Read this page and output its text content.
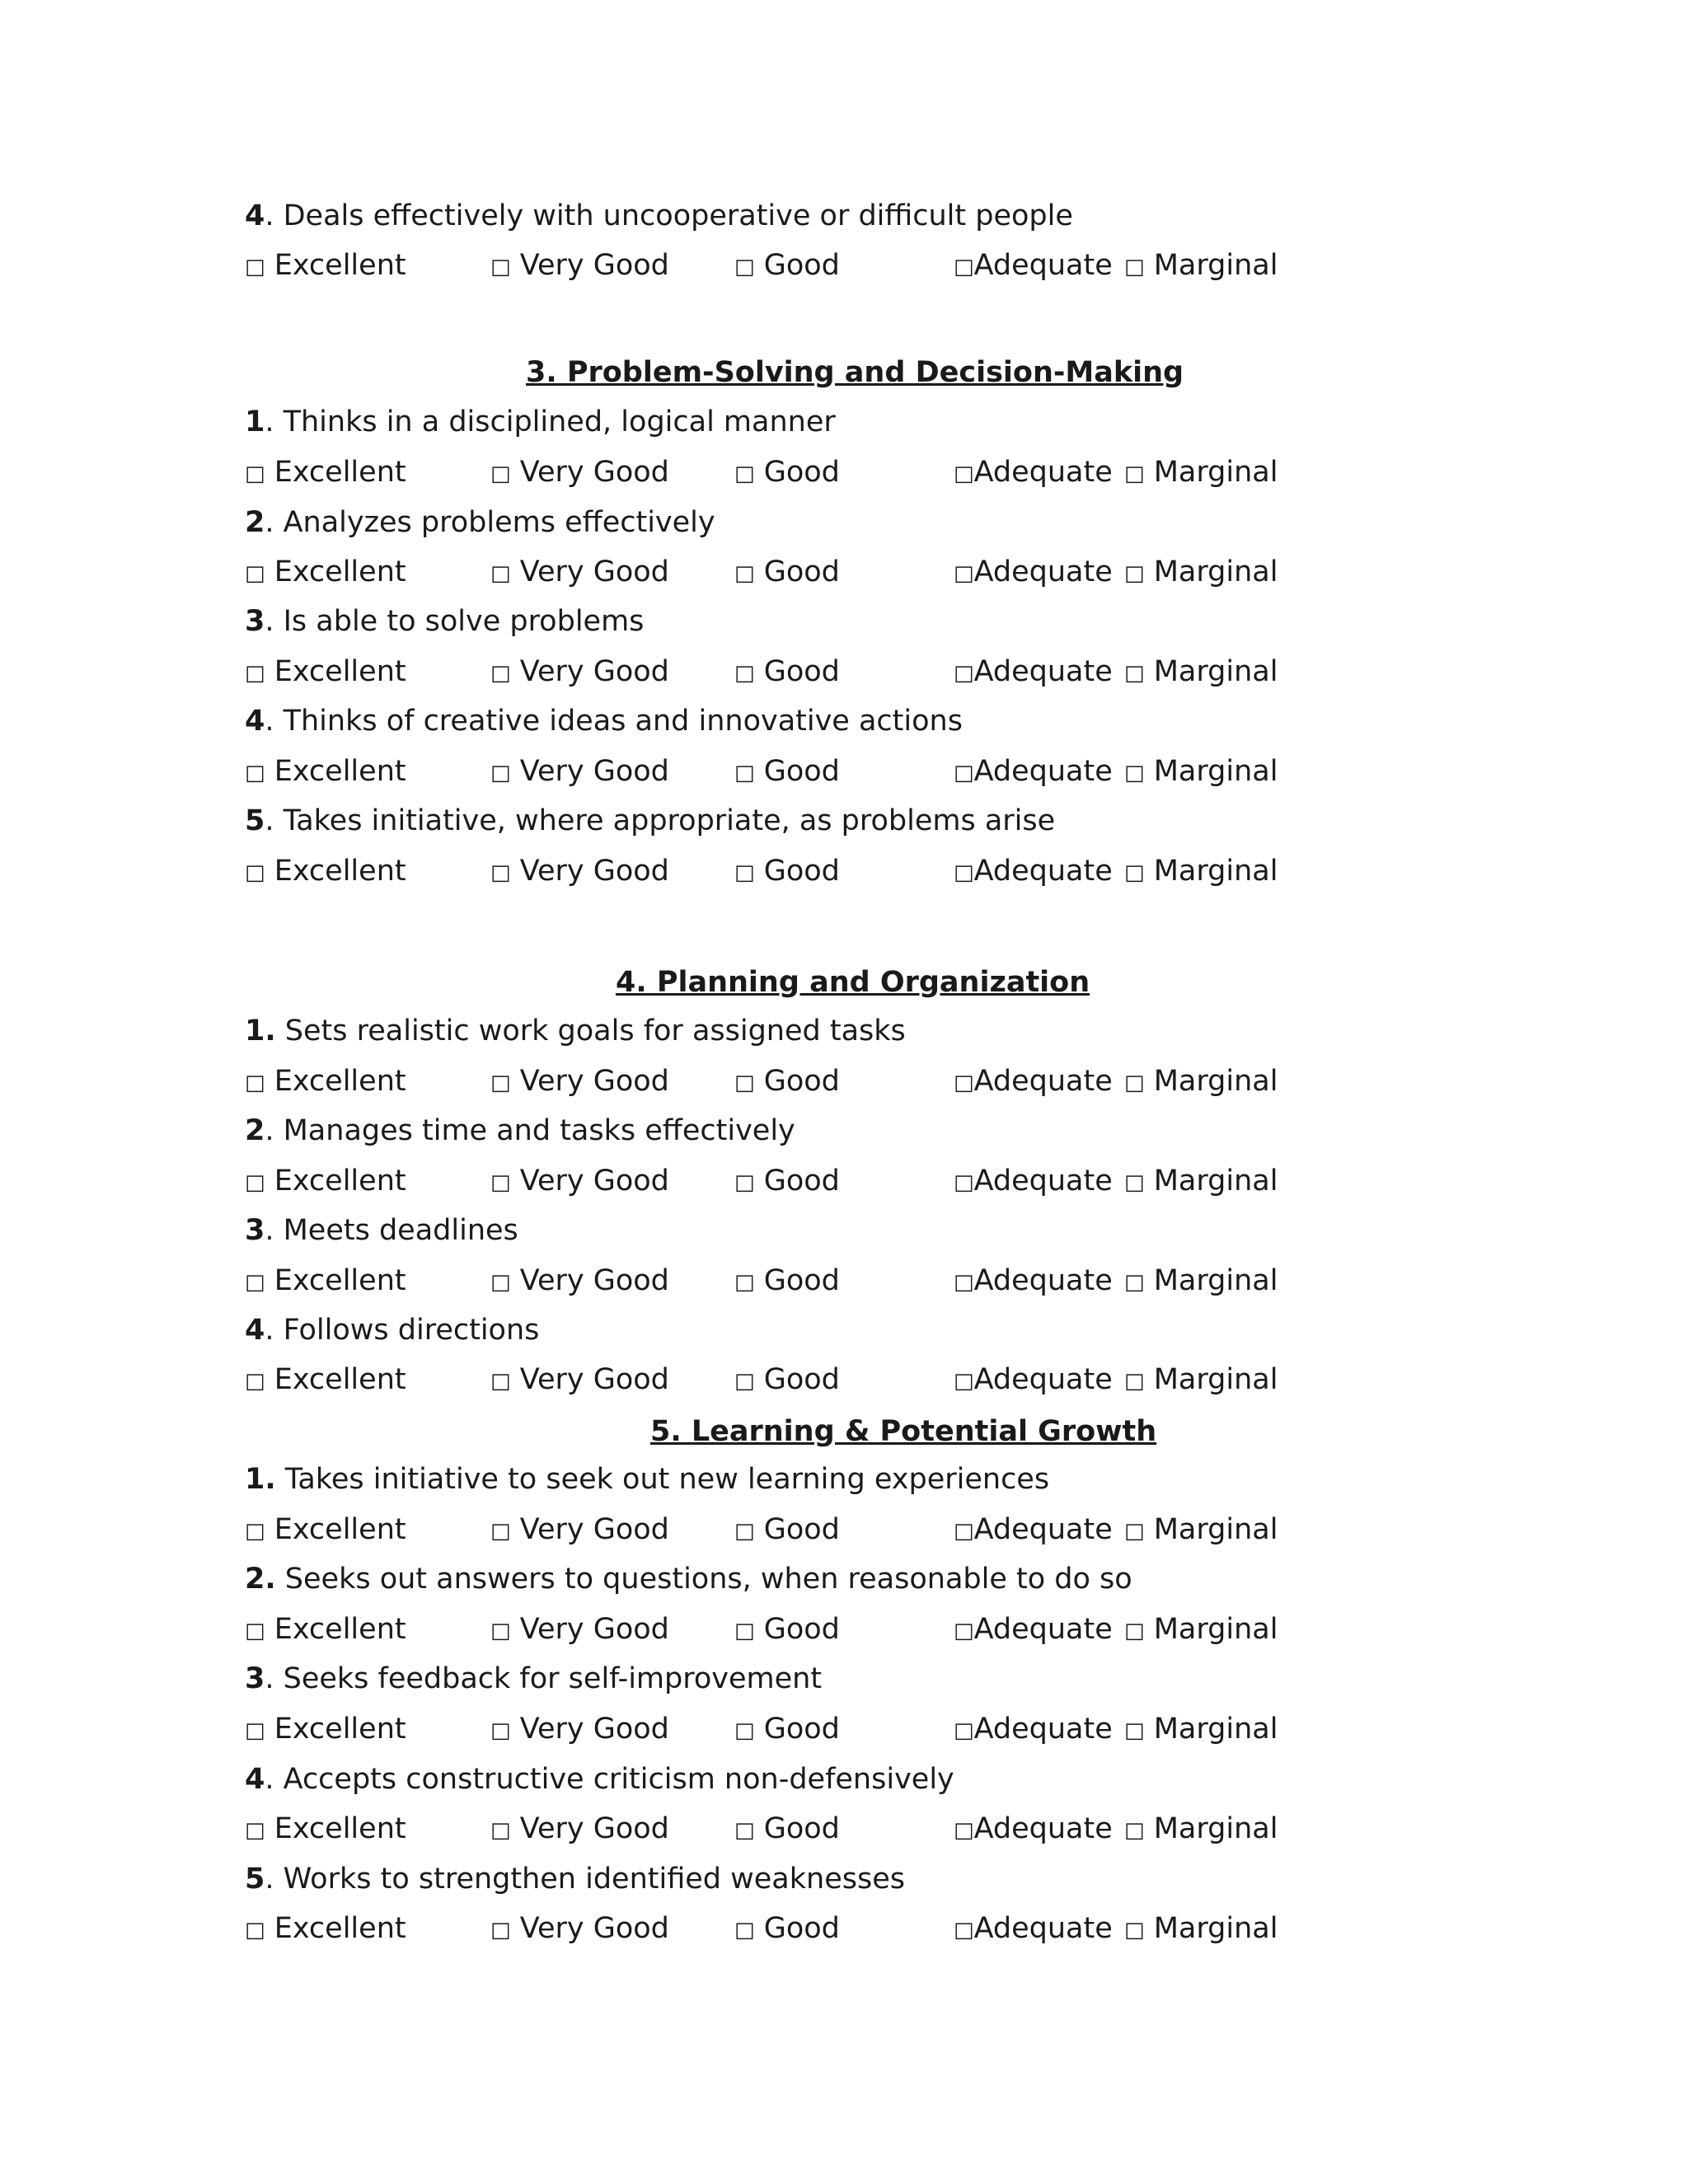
4. Deals effectively with uncooperative or difficult people
□ Excellent	□ Very Good	□ Good	□Adequate □ Marginal
3. Problem-Solving and Decision-Making
1. Thinks in a disciplined, logical manner
□ Excellent	□ Very Good	□ Good	□Adequate □ Marginal
2. Analyzes problems effectively
□ Excellent	□ Very Good	□ Good	□Adequate □ Marginal
3. Is able to solve problems
□ Excellent	□ Very Good	□ Good	□Adequate □ Marginal
4. Thinks of creative ideas and innovative actions
□ Excellent	□ Very Good	□ Good	□Adequate □ Marginal
5. Takes initiative, where appropriate, as problems arise
□ Excellent	□ Very Good	□ Good	□Adequate □ Marginal
4. Planning and Organization
1. Sets realistic work goals for assigned tasks
□ Excellent	□ Very Good	□ Good	□Adequate □ Marginal
2. Manages time and tasks effectively
□ Excellent	□ Very Good	□ Good	□Adequate □ Marginal
3. Meets deadlines
□ Excellent	□ Very Good	□ Good	□Adequate □ Marginal
4. Follows directions
□ Excellent	□ Very Good	□ Good	□Adequate □ Marginal
5. Learning & Potential Growth
1. Takes initiative to seek out new learning experiences
□ Excellent	□ Very Good	□ Good	□Adequate □ Marginal
2. Seeks out answers to questions, when reasonable to do so
□ Excellent	□ Very Good	□ Good	□Adequate □ Marginal
3. Seeks feedback for self-improvement
□ Excellent	□ Very Good	□ Good	□Adequate □ Marginal
4. Accepts constructive criticism non-defensively
□ Excellent	□ Very Good	□ Good	□Adequate □ Marginal
5. Works to strengthen identified weaknesses
□ Excellent	□ Very Good	□ Good	□Adequate □ Marginal
